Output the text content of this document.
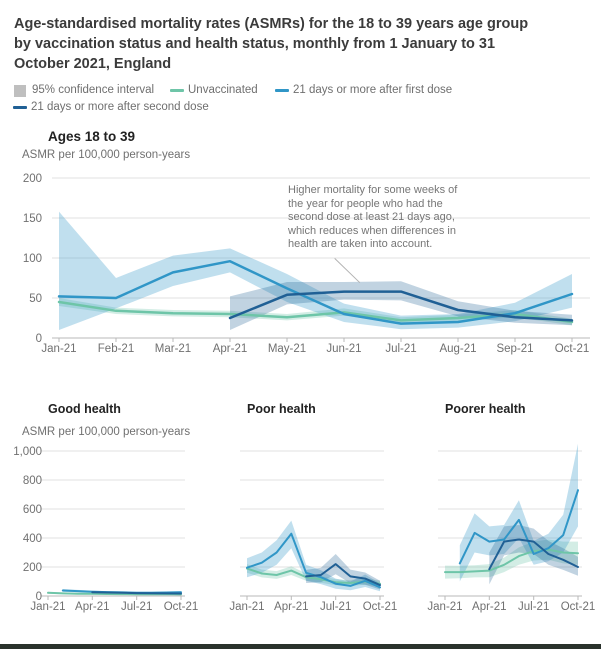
Age-standardised mortality rates (ASMRs) for the 18 to 39 years age group
by vaccination status and health status, monthly from 1 January to 31
October 2021, England
95% confidence interval	Unvaccinated	21 days or more after first dose
21 days or more after second dose
Ages 18 to 39
ASMR per 100,000 person-years
0
50
100
150
200
Jan-21 Feb-21 Mar-21 Apr-21 May-21 Jun-21 Jul-21 Aug-21 Sep-21 Oct-21
Higher mortality for some weeks of
the year for people who had the
second dose at least 21 days ago,
which reduces when differences in
health are taken into account.
Good health	Poor health	Poorer health
ASMR per 100,000 person-years
0
200
400
600
800
1,000
Jan-21 Apr-21 Jul-21 Oct-21	Jan-21 Apr-21 Jul-21 Oct-21	Jan-21 Apr-21 Jul-21 Oct-21
